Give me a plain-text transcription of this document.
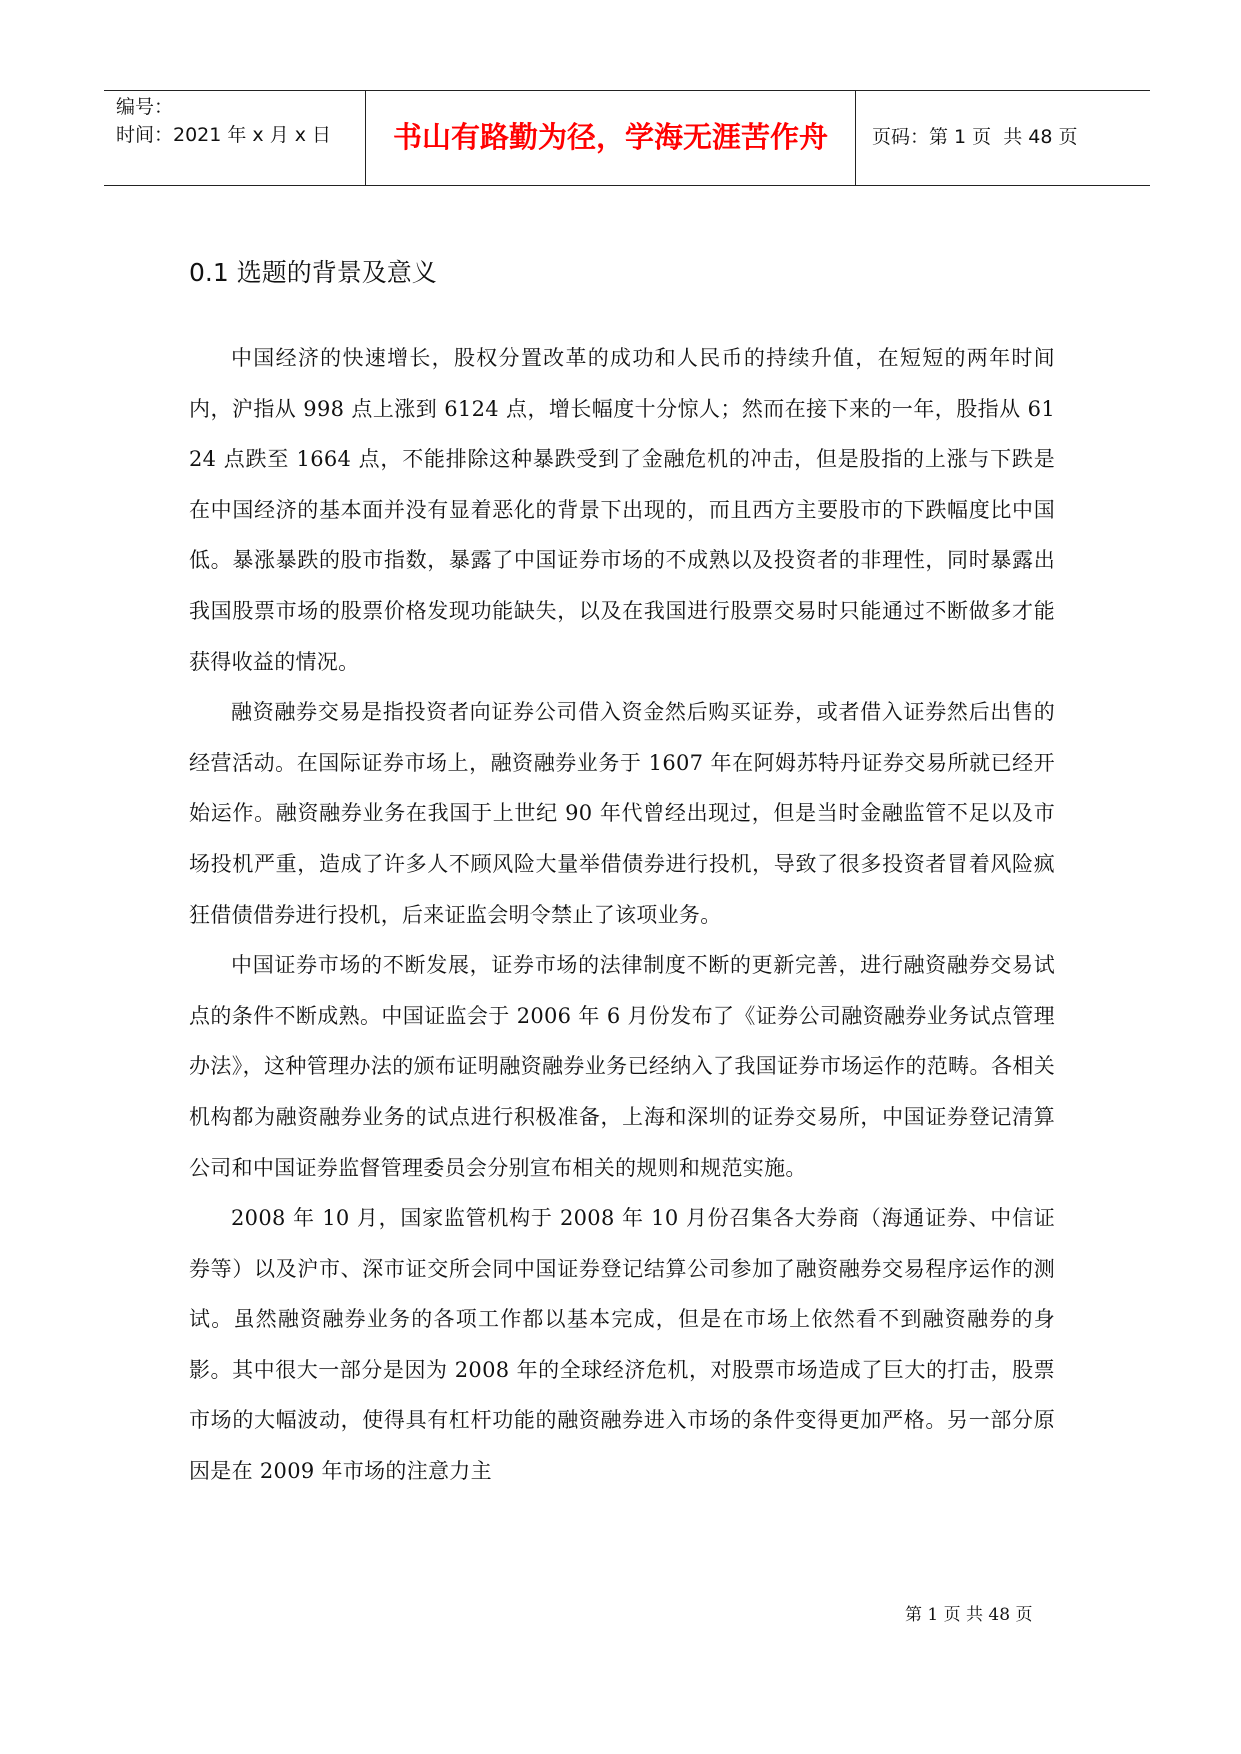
编号：
时间：2021 年 x 月 x 日	书山有路勤为径，学海无涯苦作舟	页码：第 1 页  共 48 页
0.1 选题的背景及意义

中国经济的快速增长，股权分置改革的成功和人民币的持续升值，在短短的两年时间内，沪指从 998 点上涨到 6124 点，增长幅度十分惊人；然而在接下来的一年，股指从 6124 点跌至 1664 点，不能排除这种暴跌受到了金融危机的冲击，但是股指的上涨与下跌是在中国经济的基本面并没有显着恶化的背景下出现的，而且西方主要股市的下跌幅度比中国低。暴涨暴跌的股市指数，暴露了中国证券市场的不成熟以及投资者的非理性，同时暴露出我国股票市场的股票价格发现功能缺失，以及在我国进行股票交易时只能通过不断做多才能获得收益的情况。

融资融券交易是指投资者向证券公司借入资金然后购买证券，或者借入证券然后出售的经营活动。在国际证券市场上，融资融券业务于 1607 年在阿姆苏特丹证券交易所就已经开始运作。融资融券业务在我国于上世纪 90 年代曾经出现过，但是当时金融监管不足以及市场投机严重，造成了许多人不顾风险大量举借债券进行投机，导致了很多投资者冒着风险疯狂借债借券进行投机，后来证监会明令禁止了该项业务。

中国证券市场的不断发展，证券市场的法律制度不断的更新完善，进行融资融券交易试点的条件不断成熟。中国证监会于 2006 年 6 月份发布了《证券公司融资融券业务试点管理办法》，这种管理办法的颁布证明融资融券业务已经纳入了我国证券市场运作的范畴。各相关机构都为融资融券业务的试点进行积极准备，上海和深圳的证券交易所，中国证券登记清算公司和中国证券监督管理委员会分别宣布相关的规则和规范实施。

2008 年 10 月，国家监管机构于 2008 年 10 月份召集各大券商（海通证券、中信证券等）以及沪市、深市证交所会同中国证券登记结算公司参加了融资融券交易程序运作的测试。虽然融资融券业务的各项工作都以基本完成，但是在市场上依然看不到融资融券的身影。其中很大一部分是因为 2008 年的全球经济危机，对股票市场造成了巨大的打击，股票市场的大幅波动，使得具有杠杆功能的融资融券进入市场的条件变得更加严格。另一部分原因是在 2009 年市场的注意力主

第 1 页 共 48 页
